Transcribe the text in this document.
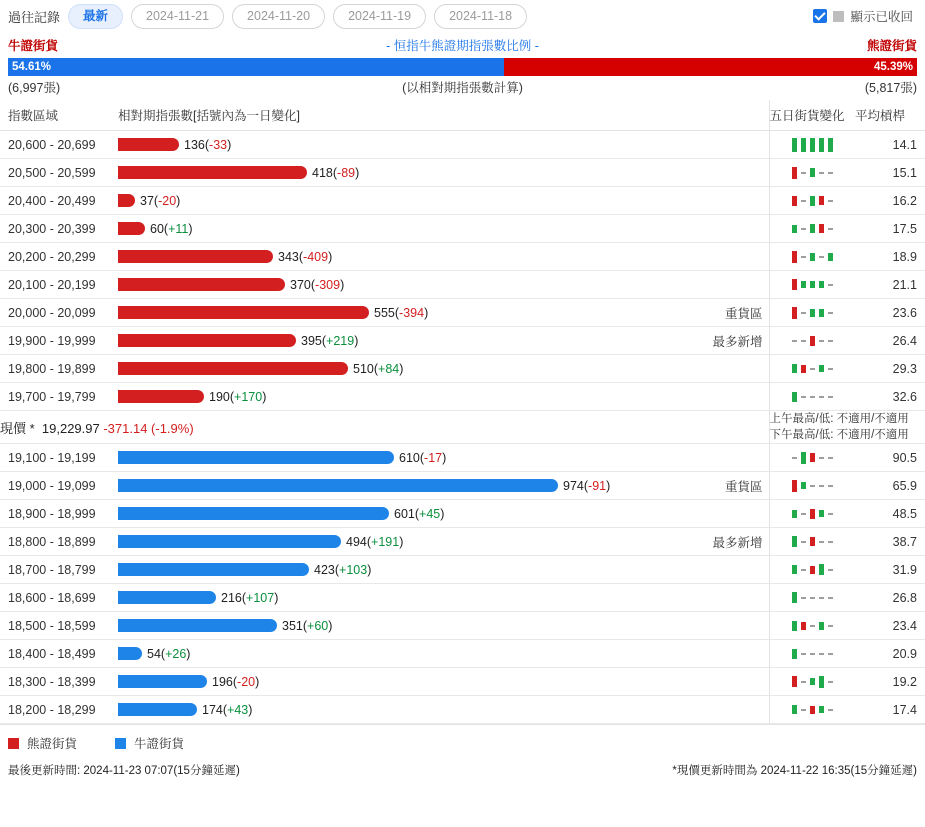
過往記錄	最新	2024-11-21	2024-11-20	2024-11-19	2024-11-18	顯示已收回
牛證街貨	- 恒指牛熊證期指張數比例 -	熊證街貨
54.61%	45.39%
(6,997張)	(以相對期指張數計算)	(5,817張)
指數區域	相對期指張數[括號內為一日變化]		五日街貨變化	平均槓桿
20,600 - 20,699	136(-33)			14.1
20,500 - 20,599	418(-89)			15.1
20,400 - 20,499	37(-20)			16.2
20,300 - 20,399	60(+11)			17.5
20,200 - 20,299	343(-409)			18.9
20,100 - 20,199	370(-309)			21.1
20,000 - 20,099	555(-394)	重貨區		23.6
19,900 - 19,999	395(+219)	最多新增		26.4
19,800 - 19,899	510(+84)			29.3
19,700 - 19,799	190(+170)			32.6
現價 *  19,229.97 -371.14 (-1.9%)			上午最高/低: 不適用/不適用
下午最高/低: 不適用/不適用	
19,100 - 19,199	610(-17)			90.5
19,000 - 19,099	974(-91)	重貨區		65.9
18,900 - 18,999	601(+45)			48.5
18,800 - 18,899	494(+191)	最多新增		38.7
18,700 - 18,799	423(+103)			31.9
18,600 - 18,699	216(+107)			26.8
18,500 - 18,599	351(+60)			23.4
18,400 - 18,499	54(+26)			20.9
18,300 - 18,399	196(-20)			19.2
18,200 - 18,299	174(+43)			17.4
熊證街貨	牛證街貨
最後更新時間: 2024-11-23 07:07(15分鐘延遲)	*現價更新時間為 2024-11-22 16:35(15分鐘延遲)
